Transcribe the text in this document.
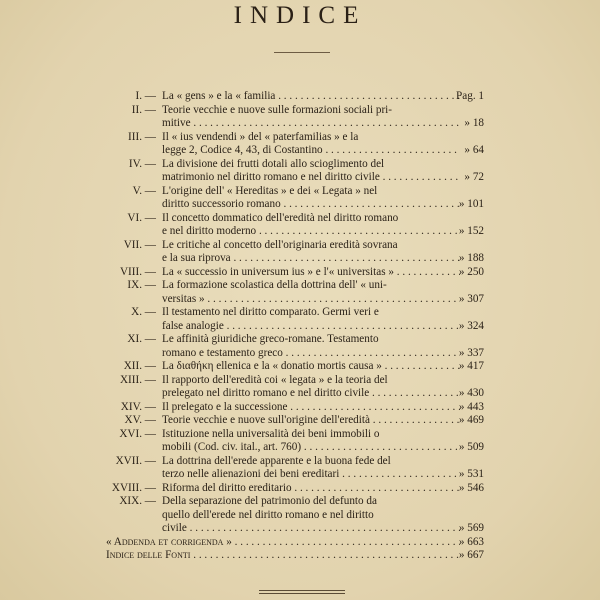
INDICE
I. — La « gens » e la « familia . . .	Pag. 1
II. — Teorie vecchie e nuove sulle formazioni sociali pri-
mitive . . .	» 18
III. — Il « ius vendendi » del « paterfamilias » e la
legge 2, Codice 4, 43, di Costantino . . .	» 64
IV. — La divisione dei frutti dotali allo scioglimento del
matrimonio nel diritto romano e nel diritto civile . . .	» 72
V. — L'origine dell' « Hereditas » e dei « Legata » nel
diritto successorio romano . . .	» 101
VI. — Il concetto dommatico dell'eredità nel diritto romano
e nel diritto moderno . . .	» 152
VII. — Le critiche al concetto dell'originaria eredità sovrana
e la sua riprova . . .	» 188
VIII. — La « successio in universum ius » e l'« universitas » . . .	» 250
IX. — La formazione scolastica della dottrina dell' « uni-
versitas » . . .	» 307
X. — Il testamento nel diritto comparato. Germi veri e
false analogie . . .	» 324
XI. — Le affinità giuridiche greco-romane. Testamento
romano e testamento greco . . .	» 337
XII. — La διαθήκη ellenica e la « donatio mortis causa » . . .	» 417
XIII. — Il rapporto dell'eredità coi « legata » e la teoria del
prelegato nel diritto romano e nel diritto civile . . .	» 430
XIV. — Il prelegato e la successione . . .	» 443
XV. — Teorie vecchie e nuove sull'origine dell'eredità . . .	» 469
XVI. — Istituzione nella universalità dei beni immobili o
mobili (Cod. civ. ital., art. 760) . . .	» 509
XVII. — La dottrina dell'erede apparente e la buona fede del
terzo nelle alienazioni dei beni ereditari . . .	» 531
XVIII. — Riforma del diritto ereditario . . .	» 546
XIX. — Della separazione del patrimonio del defunto da
quello dell'erede nel diritto romano e nel diritto
civile . . .	» 569
« Addenda et corrigenda » . . .	» 663
Indice delle Fonti . . .	» 667
